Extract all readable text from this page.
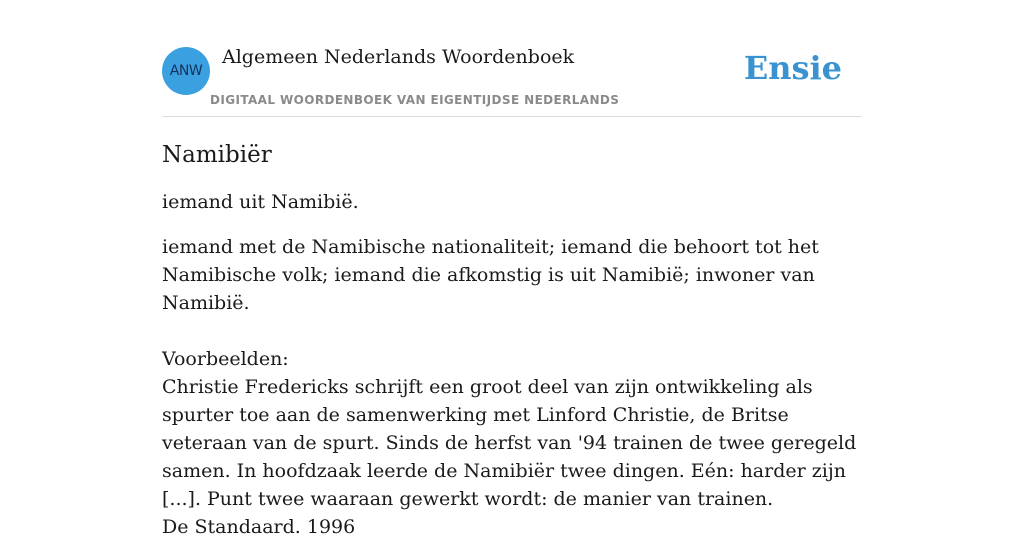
ANW
Algemeen Nederlands Woordenboek
DIGITAAL WOORDENBOEK VAN EIGENTIJDSE NEDERLANDS
Ensie
Namibiër

iemand uit Namibië.

iemand met de Namibische nationaliteit; iemand die behoort tot het Namibische volk; iemand die afkomstig is uit Namibië; inwoner van Namibië.

Voorbeelden:
Christie Fredericks schrijft een groot deel van zijn ontwikkeling als spurter toe aan de samenwerking met Linford Christie, de Britse veteraan van de spurt. Sinds de herfst van '94 trainen de twee geregeld samen. In hoofdzaak leerde de Namibiër twee dingen. Eén: harder zijn [...]. Punt twee waaraan gewerkt wordt: de manier van trainen.
De Standaard. 1996
